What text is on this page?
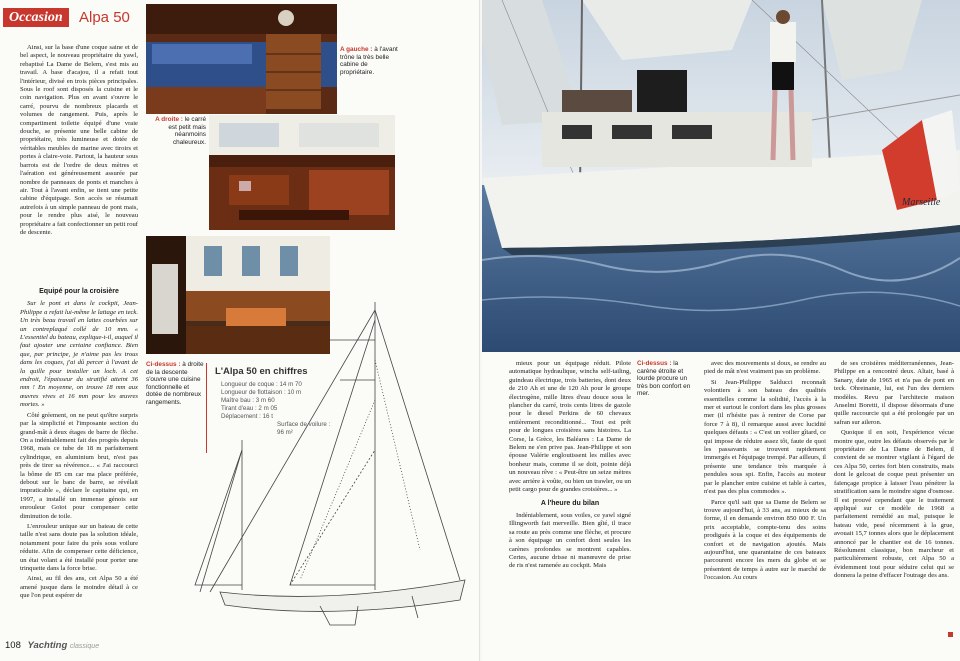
Occasion	Alpa 50

Ainsi, sur la base d'une coque saine et de bel aspect, le nouveau propriétaire du yawl, rebaptisé La Dame de Belem, s'est mis au travail. A base d'acajou, il a refait tout l'intérieur, divisé en trois pièces principales. Sous le roof sont disposés la cuisine et le coin navigation. Plus en avant s'ouvre le carré, pourvu de nombreux placards et volumes de rangement. Puis, après le compartiment toilette équipé d'une vraie douche, se présente une belle cabine de propriétaire, très lumineuse et dotée de véritables meubles de marine avec tiroirs et portes à claire-voie. Partout, la hauteur sous barrots est de l'ordre de deux mètres et l'aération est généreusement assurée par nombre de panneaux de ponts et manches à air. Tout à l'avant enfin, se tient une petite cabine d'équipage. Son accès se résumait autrefois à un simple panneau de pont mais, pour le rendre plus aisé, le nouveau propriétaire a fait confectionner un petit rouf de descente.

Equipé pour la croisière

Sur le pont et dans le cockpit, Jean-Philippe a refait lui-même le lattage en teck. Un très beau travail en lattes courbées sur un contreplaqué collé de 10 mm. « L'essentiel du bateau, explique-t-il, auquel il faut ajouter une certaine confiance. Bien que, par principe, je n'aime pas les trous dans les coques, j'ai dû percer à l'avant de la quille pour installer un loch. A cet endroit, l'épaisseur du stratifié atteint 36 mm ! En moyenne, on trouve 18 mm aux œuvres vives et 16 mm pour les œuvres mortes. »

Côté gréement, on ne peut qu'être surpris par la simplicité et l'imposante section du grand-mât à deux étages de barre de flèche. On a indéniablement fait des progrès depuis 1968, mais ce tube de 18 m parfaitement cylindrique, en aluminium brut, n'est pas près de tirer sa révérence... « J'ai raccourci la bôme de 85 cm car ma place préférée, debout sur le banc de barre, se révélait impraticable », déclare le capitaine qui, en 1997, a installé un immense génois sur enrouleur Goïot pour compenser cette diminution de toile.

L'enrouleur unique sur un bateau de cette taille n'est sans doute pas la solution idéale, notamment pour faire du près sous voilure réduite. Afin de compenser cette déficience, un étai volant a été installé pour porter une trinquette dans la force brise.

Ainsi, au fil des ans, cet Alpa 50 a été amené jusque dans le moindre détail à ce que l'on peut espérer de

A gauche : à l'avant trône la très belle cabine de propriétaire.
A droite : le carré est petit mais néanmoins chaleureux.
Ci-dessus : à droite de la descente s'ouvre une cuisine fonctionnelle et dotée de nombreux rangements.
L'Alpa 50 en chiffres
Longueur de coque : 14 m 70
Longueur de flottaison : 10 m
Maître bau : 3 m 60
Tirant d'eau : 2 m 05
Déplacement : 16 t
Surface de voilure :
96 m²
108 Yachting classique
Marseille

mieux pour un équipage réduit. Pilote automatique hydraulique, winchs self-tailing, guindeau électrique, trois batteries, dont deux de 210 Ah et une de 120 Ah pour le groupe électrogène, mille litres d'eau douce sous le plancher du carré, trois cents litres de gazole pour le diesel Perkins de 60 chevaux entièrement reconditionné... Tout est prêt pour de longues croisières sans histoires. La Corse, la Grèce, les Baléares : La Dame de Belem ne s'en prive pas. Jean-Philippe et son épouse Valérie engloutissent les milles avec bonheur mais, comme il se doit, pointe déjà un nouveau rêve : « Peut-être un seize mètres avec arrière à voûte, ou bien un trawler, ou un petit cargo pour de grandes croisières... »

A l'heure du bilan

Indéniablement, sous voiles, ce yawl signé Illingworth fait merveille. Bien gîté, il trace sa route au près comme une flèche, et procure à son équipage un confort dont seules les carènes profondes se montrent capables. Certes, aucune drisse ni manœuvre de prise de ris n'est ramenée au cockpit. Mais

Ci-dessus : la carène étroite et lourde procure un très bon confort en mer.

avec des mouvements si doux, se rendre au pied de mât n'est vraiment pas un problème.

Si Jean-Philippe Salducci reconnaît volontiers à son bateau des qualités essentielles comme la solidité, l'accès à la mer et surtout le confort dans les plus grosses mer (il n'hésite pas à rentrer de Corse par force 7 à 8), il remarque aussi avec lucidité quelques défauts : « C'est un voilier gîtard, ce qui impose de réduire assez tôt, faute de quoi les passavants se trouvent rapidement immergés et l'équipage trempé. Par ailleurs, il présente une tendance très marquée à pendules sous spi. Enfin, l'accès au moteur par le plancher entre cuisine et table à cartes, n'est pas des plus commodes ».

Parce qu'il sait que sa Dame de Belem se trouve aujourd'hui, à 33 ans, au mieux de sa forme, il en demande environ 850 000 F. Un prix acceptable, compte-tenu des soins prodigués à la coque et des équipements de confort et de navigation ajoutés. Mais aujourd'hui, une quarantaine de ces bateaux parcourent encore les mers du globe et se présentent de temps à autre sur le marché de l'occasion. Au cours

de ses croisières méditerranéennes, Jean-Philippe en a rencontré deux. Altair, basé à Sanary, date de 1965 et n'a pas de pont en teck. Ohreinanie, lui, est l'un des derniers modèles. Revu par l'architecte maison Anselmi Boretti, il dispose désormais d'une quille raccourcie qui a été prolongée par un safran sur aileron.

Quoique il en soit, l'expérience vécue montre que, outre les défauts observés par le propriétaire de La Dame de Belem, il convient de se montrer vigilant à l'égard de ces Alpa 50, certes fort bien construits, mais dont le gelcoat de coque peut présenter un faïençage propice à laisser l'eau pénétrer la stratification sans le moindre signe d'osmose. Il est prouvé cependant que le traitement appliqué sur ce modèle de 1968 a parfaitement remédié au mal, puisque le bateau vide, pesé récemment à la grue, avouait 15,7 tonnes alors que le déplacement annoncé par le chantier est de 16 tonnes. Résolument classique, bon marcheur et particulièrement robuste, cet Alpa 50 a évidemment tout pour séduire celui qui se donnera la peine d'effacer l'outrage des ans.
